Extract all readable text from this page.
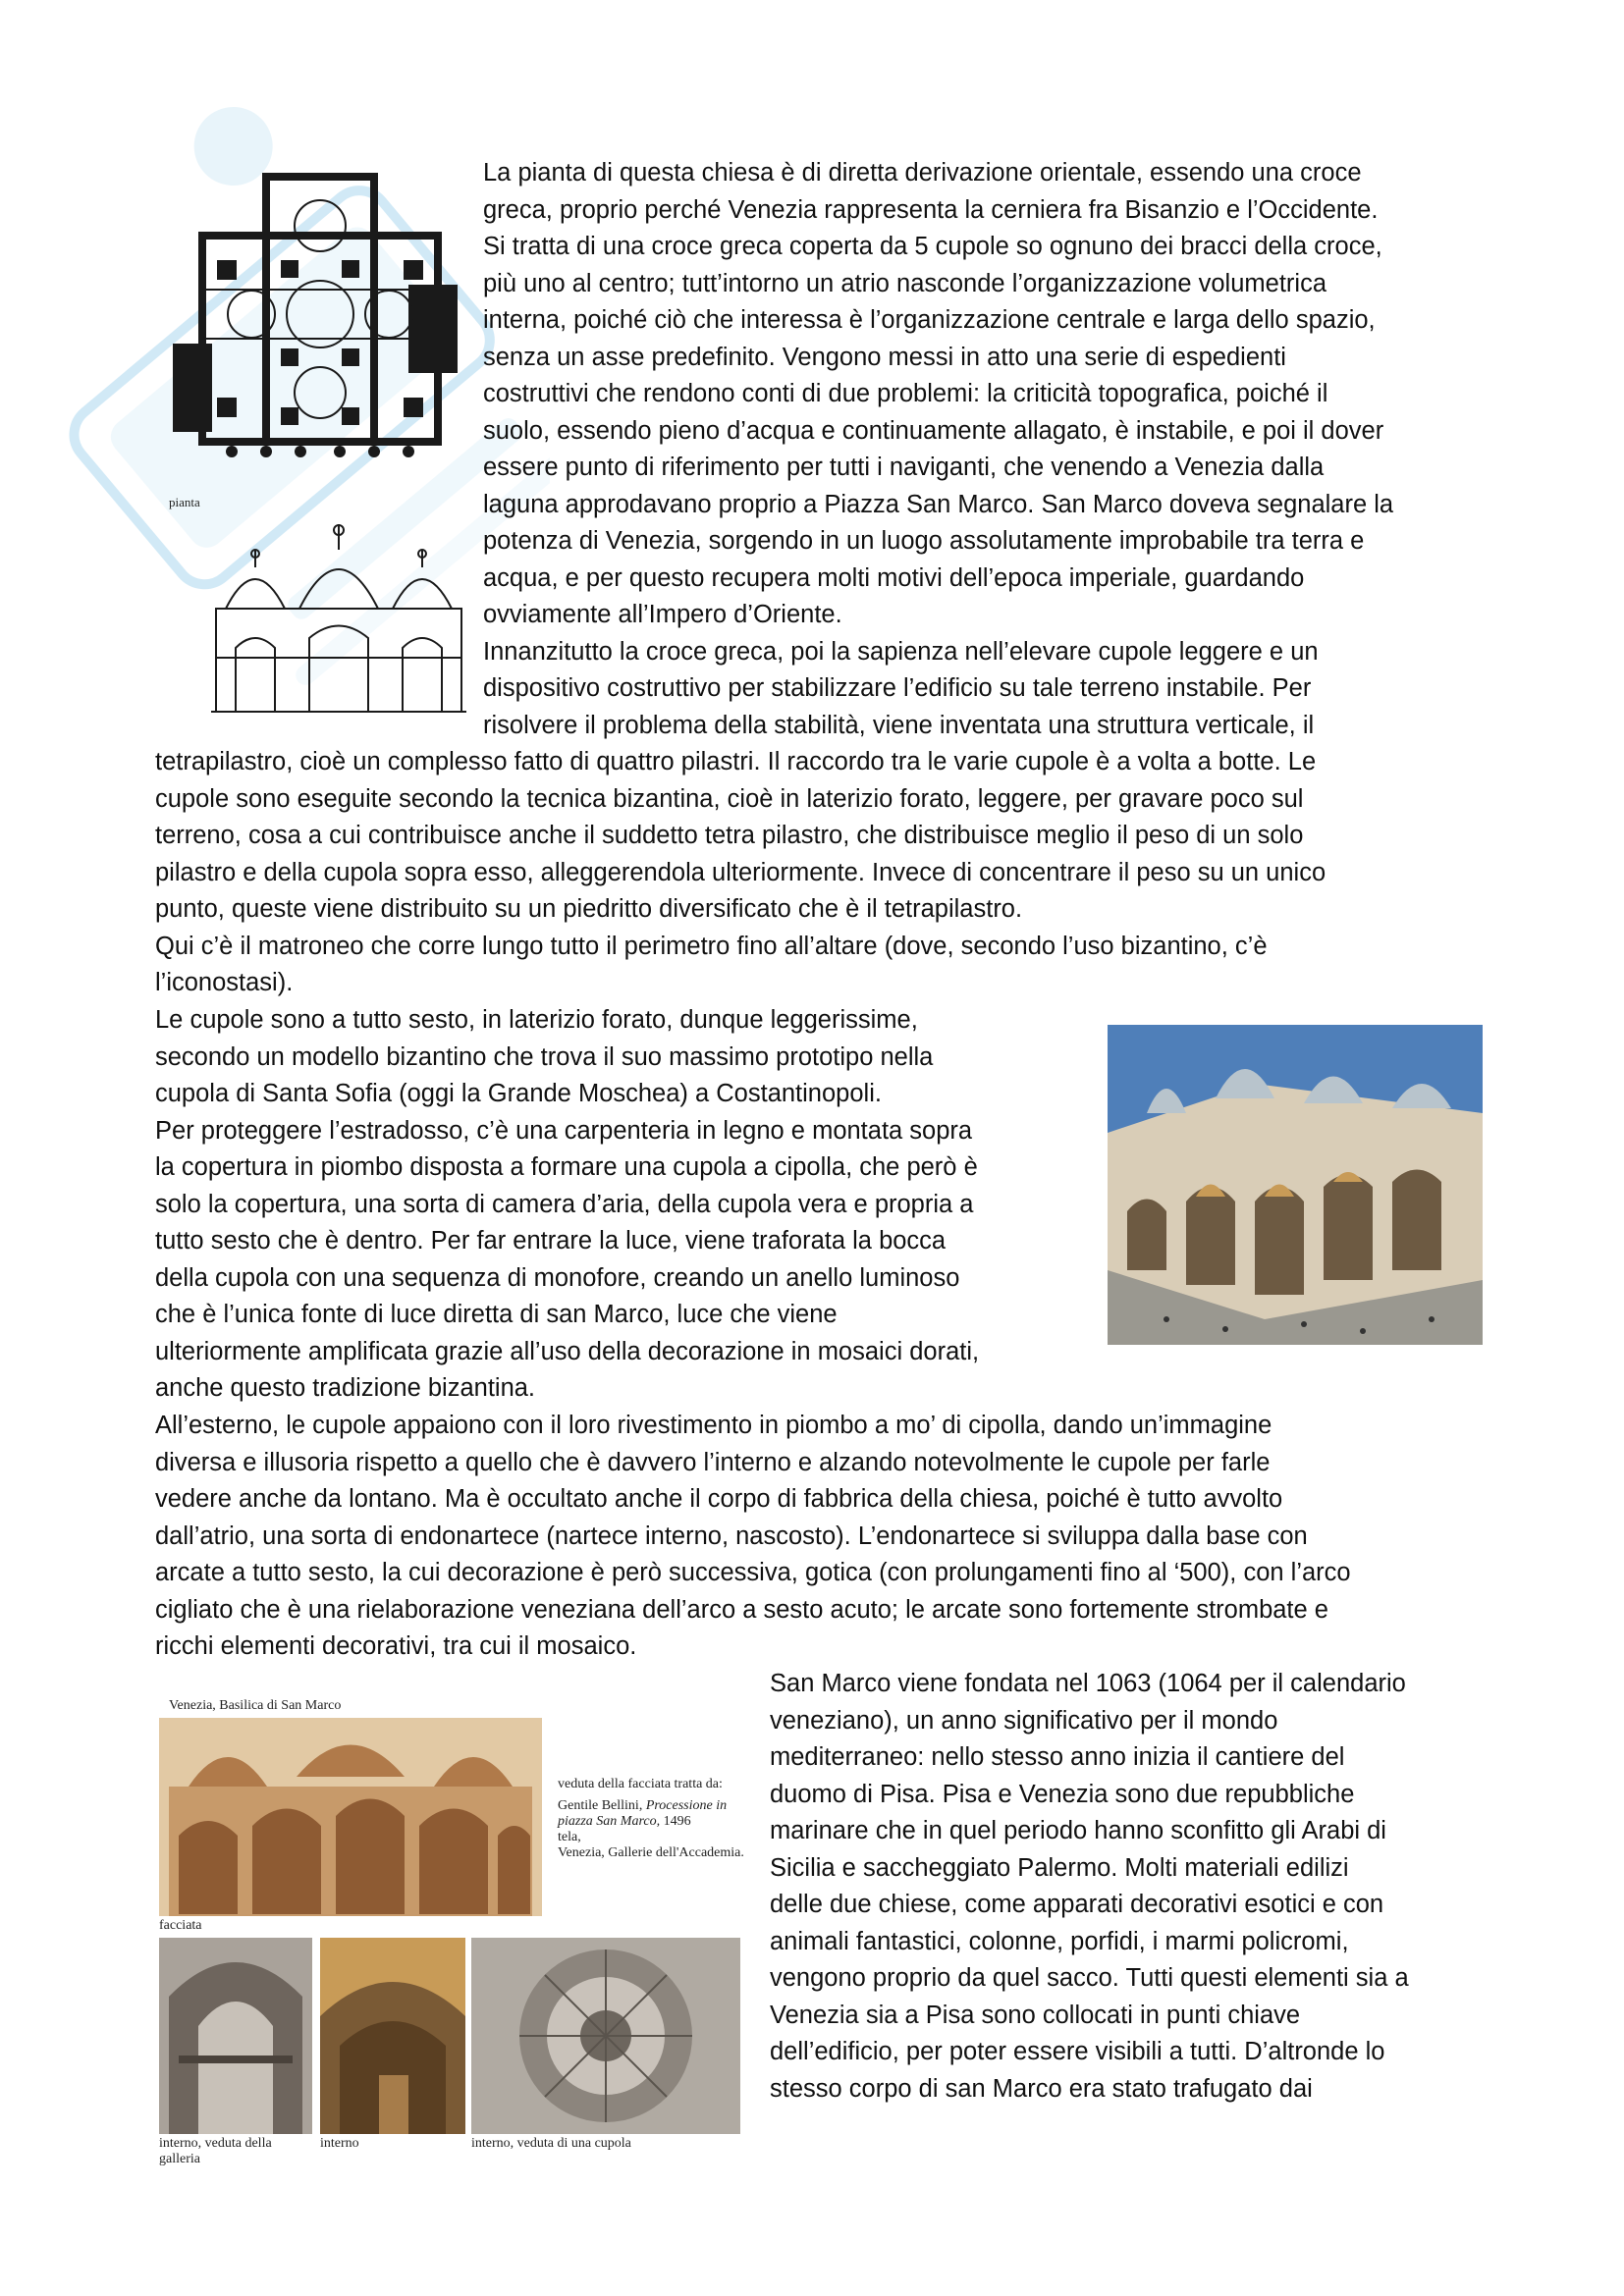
pianta
Venezia, Basilica di San Marco
veduta della facciata tratta da:
Gentile Bellini, Processione in piazza San Marco, 1496
tela,
Venezia, Gallerie dell'Accademia.
facciata
interno, veduta della galleria
interno	interno, veduta di una cupola

La pianta di questa chiesa è di diretta derivazione orientale, essendo una croce

greca, proprio perché Venezia rappresenta la cerniera fra Bisanzio e l’Occidente.

Si tratta di una croce greca coperta da 5 cupole so ognuno dei bracci della croce,

più uno al centro; tutt’intorno un atrio nasconde l’organizzazione volumetrica

interna, poiché ciò che interessa è l’organizzazione centrale e larga dello spazio,

senza un asse predefinito. Vengono messi in atto una serie di espedienti

costruttivi che rendono conti di due problemi: la criticità topografica, poiché il

suolo, essendo pieno d’acqua e continuamente allagato, è instabile, e poi il dover

essere punto di riferimento per tutti i naviganti, che venendo a Venezia dalla

laguna approdavano proprio a Piazza San Marco. San Marco doveva segnalare la

potenza di Venezia, sorgendo in un luogo assolutamente improbabile tra terra e

acqua, e per questo recupera molti motivi dell’epoca imperiale, guardando

ovviamente all’Impero d’Oriente.

Innanzitutto la croce greca, poi la sapienza nell’elevare cupole leggere e un

dispositivo costruttivo per stabilizzare l’edificio su tale terreno instabile. Per

risolvere il problema della stabilità, viene inventata una struttura verticale, il

tetrapilastro, cioè un complesso fatto di quattro pilastri. Il raccordo tra le varie cupole è a volta a botte. Le

cupole sono eseguite secondo la tecnica bizantina, cioè in laterizio forato, leggere, per gravare poco sul

terreno, cosa a cui contribuisce anche il suddetto tetra pilastro, che distribuisce meglio il peso di un solo

pilastro e della cupola sopra esso, alleggerendola ulteriormente. Invece di concentrare il peso su un unico

punto, queste viene distribuito su un piedritto diversificato che è il tetrapilastro.

Qui c’è il matroneo che corre lungo tutto il perimetro fino all’altare (dove, secondo l’uso bizantino, c’è

l’iconostasi).

Le cupole sono a tutto sesto, in laterizio forato, dunque leggerissime,

secondo un modello bizantino che trova il suo massimo prototipo nella

cupola di Santa Sofia (oggi la Grande Moschea) a Costantinopoli.

Per proteggere l’estradosso, c’è una carpenteria in legno e montata sopra

la copertura in piombo disposta a formare una cupola a cipolla, che però è

solo la copertura, una sorta di camera d’aria, della cupola vera e propria a

tutto sesto che è dentro. Per far entrare la luce, viene traforata la bocca

della cupola con una sequenza di monofore, creando un anello luminoso

che è l’unica fonte di luce diretta di san Marco, luce che viene

ulteriormente amplificata grazie all’uso della decorazione in mosaici dorati,

anche questo tradizione bizantina.

All’esterno, le cupole appaiono con il loro rivestimento in piombo a mo’ di cipolla, dando un’immagine

diversa e illusoria rispetto a quello che è davvero l’interno e alzando notevolmente le cupole per farle

vedere anche da lontano. Ma è occultato anche il corpo di fabbrica della chiesa, poiché è tutto avvolto

dall’atrio, una sorta di endonartece (nartece interno, nascosto). L’endonartece si sviluppa dalla base con

arcate a tutto sesto, la cui decorazione è però successiva, gotica (con prolungamenti fino al ‘500), con l’arco

cigliato che è una rielaborazione veneziana dell’arco a sesto acuto; le arcate sono fortemente strombate e

ricchi elementi decorativi, tra cui il mosaico.

San Marco viene fondata nel 1063 (1064 per il calendario

veneziano), un anno significativo per il mondo

mediterraneo: nello stesso anno inizia il cantiere del

duomo di Pisa. Pisa e Venezia sono due repubbliche

marinare che in quel periodo hanno sconfitto gli Arabi di

Sicilia e saccheggiato Palermo. Molti materiali edilizi

delle due chiese, come apparati decorativi esotici e con

animali fantastici, colonne, porfidi, i marmi policromi,

vengono proprio da quel sacco. Tutti questi elementi sia a

Venezia sia a Pisa sono collocati in punti chiave

dell’edificio, per poter essere visibili a tutti. D’altronde lo

stesso corpo di san Marco era stato trafugato dai
